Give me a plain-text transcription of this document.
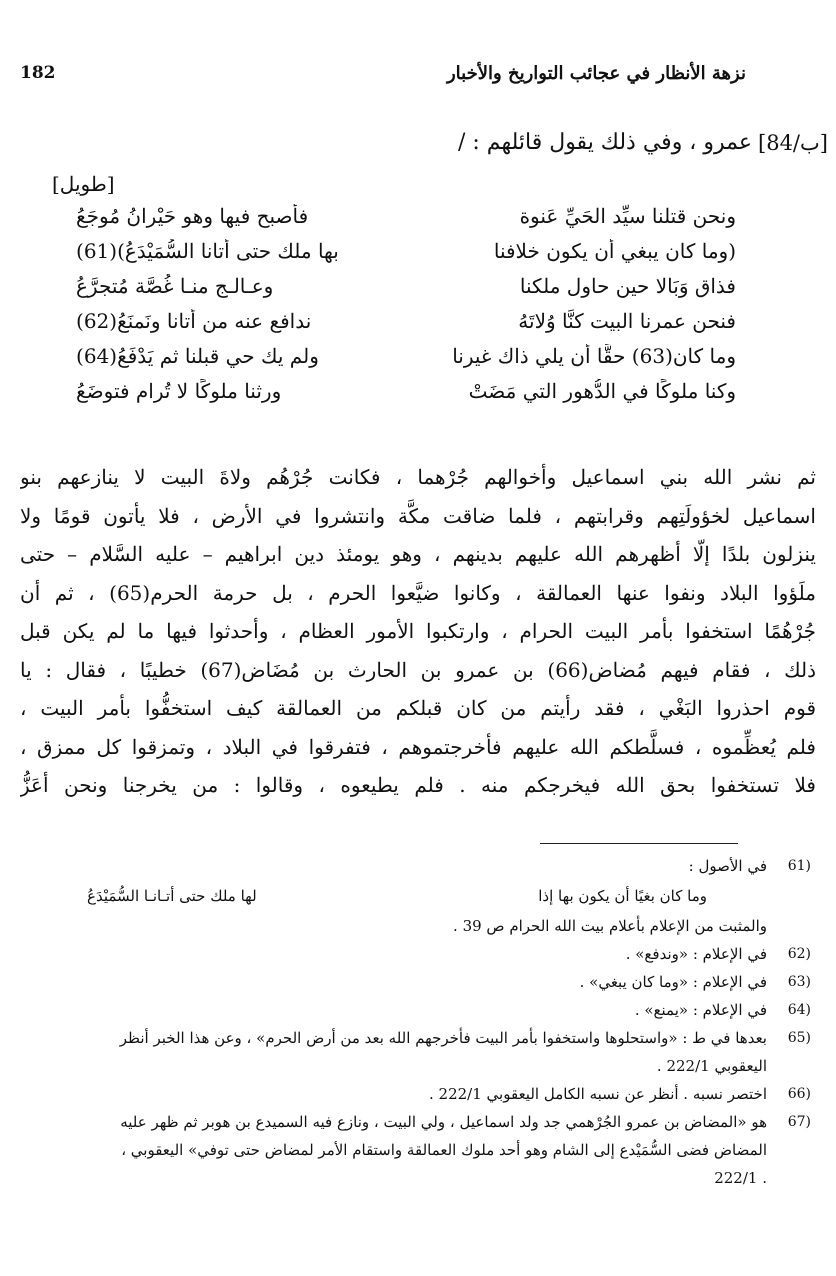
182	نزهة الأنظار في عجائب التواريخ والأخبار
[84/ب]
عمرو ، وفي ذلك يقول قائلهم : /
[طويل]
ونحن قتلنا سيِّد الحَيِّ عَنوة
فأصبح فيها وهو حَيْرانُ مُوجَعُ
(وما كان يبغي أن يكون خلافنا
بها ملك حتى أتانا السُّمَيْدَعُ)(61)
فذاق وَبَالا حين حاول ملكنا
وعـالـج منـا غُصَّة مُتجرَّعُ
فنحن عمرنا البيت كنَّا وُلاتَهُ
ندافع عنه من أتانا ونَمنَعُ(62)
وما كان(63) حقًّا أن يلي ذاك غيرنا
ولم يك حيٍ قبلنا ثم يَدْفَعُ(64)
وكنا ملوكًا في الدُّهور التي مَضَتْ
ورثنا ملوكًا لا تُرام فتوضَعُ
ثم نشر الله بني اسماعيل وأخوالهم جُرْهما ، فكانت جُرْهُم ولاةَ البيت لا ينازعهم بنو
اسماعيل لخؤولَتِهم وقرابتهم ، فلما ضاقت مكَّة وانتشروا في الأرض ، فلا يأتون قومًا ولا
ينزلون بلدًا إلّا أظهرهم الله عليهم بدينهم ، وهو يومئذ دين ابراهيم – عليه السَّلام – حتى
ملَؤوا البلاد ونفوا عنها العمالقة ، وكانوا ضيَّعوا الحرم ، بل حرمة الحرم(65) ، ثم أن
جُرْهُمًا استخفوا بأمر البيت الحرام ، وارتكبوا الأمور العظام ، وأحدثوا فيها ما لم يكن قبل
ذلك ، فقام فيهم مُضاض(66) بن عمرو بن الحارث بن مُضَاض(67) خطيبًا ، فقال : يا
قوم احذروا البَغْي ، فقد رأيتم من كان قبلكم من العمالقة كيف استخفُّوا بأمر البيت ،
فلم يُعظِّموه ، فسلَّطكم الله عليهم فأخرجتموهم ، فتفرقوا في البلاد ، وتمزقوا كل ممزق ،
فلا تستخفوا بحق الله فيخرجكم منه . فلم يطيعوه ، وقالوا : من يخرجنا ونحن أعَزُّ
61)
في الأصول :
وما كان بغيًا أن يكون بها إذا
لها ملك حتى أتـانـا السُّمَيْدَعُ
والمثبت من الإعلام بأعلام بيت الله الحرام ص 39 .
62)
في الإعلام : «وندفع» .
63)
في الإعلام : «وما كان يبغي» .
64)
في الإعلام : «يمنع» .
65)
بعدها في ط : «واستحلوها واستخفوا بأمر البيت فأخرجهم الله بعد من أرض الحرم» ، وعن هذا الخبر أنظر
اليعقوبي 222/1 .
66)
اختصر نسبه . أنظر عن نسبه الكامل اليعقوبي 222/1 .
67)
هو «المضاض بن عمرو الجُرْهمي جد ولد اسماعيل ، ولي البيت ، ونازع فيه السميدع بن هوبر ثم ظهر عليه
المضاض فضى السُّمَيْدع إلى الشام وهو أحد ملوك العمالقة واستقام الأمر لمضاض حتى توفي» اليعقوبي ،
. 222/1
